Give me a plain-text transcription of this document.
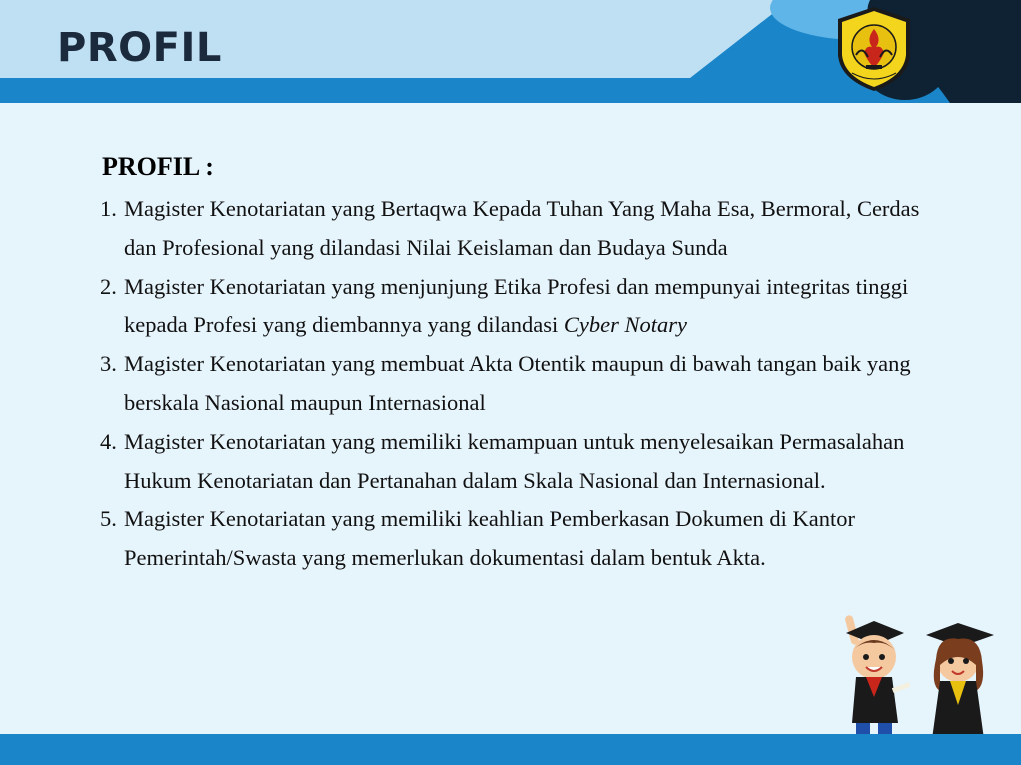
PROFIL
PROFIL :
1. Magister Kenotariatan yang Bertaqwa Kepada Tuhan Yang Maha Esa, Bermoral, Cerdas dan Profesional yang dilandasi Nilai Keislaman dan Budaya Sunda
2. Magister Kenotariatan yang menjunjung Etika Profesi dan mempunyai integritas tinggi kepada Profesi yang diembannya yang dilandasi Cyber Notary
3. Magister Kenotariatan yang membuat Akta Otentik maupun di bawah tangan baik yang berskala Nasional maupun Internasional
4. Magister Kenotariatan yang memiliki kemampuan untuk menyelesaikan Permasalahan Hukum Kenotariatan dan Pertanahan dalam Skala Nasional dan Internasional.
5. Magister Kenotariatan yang memiliki keahlian Pemberkasan Dokumen di Kantor Pemerintah/Swasta yang memerlukan dokumentasi dalam bentuk Akta.
